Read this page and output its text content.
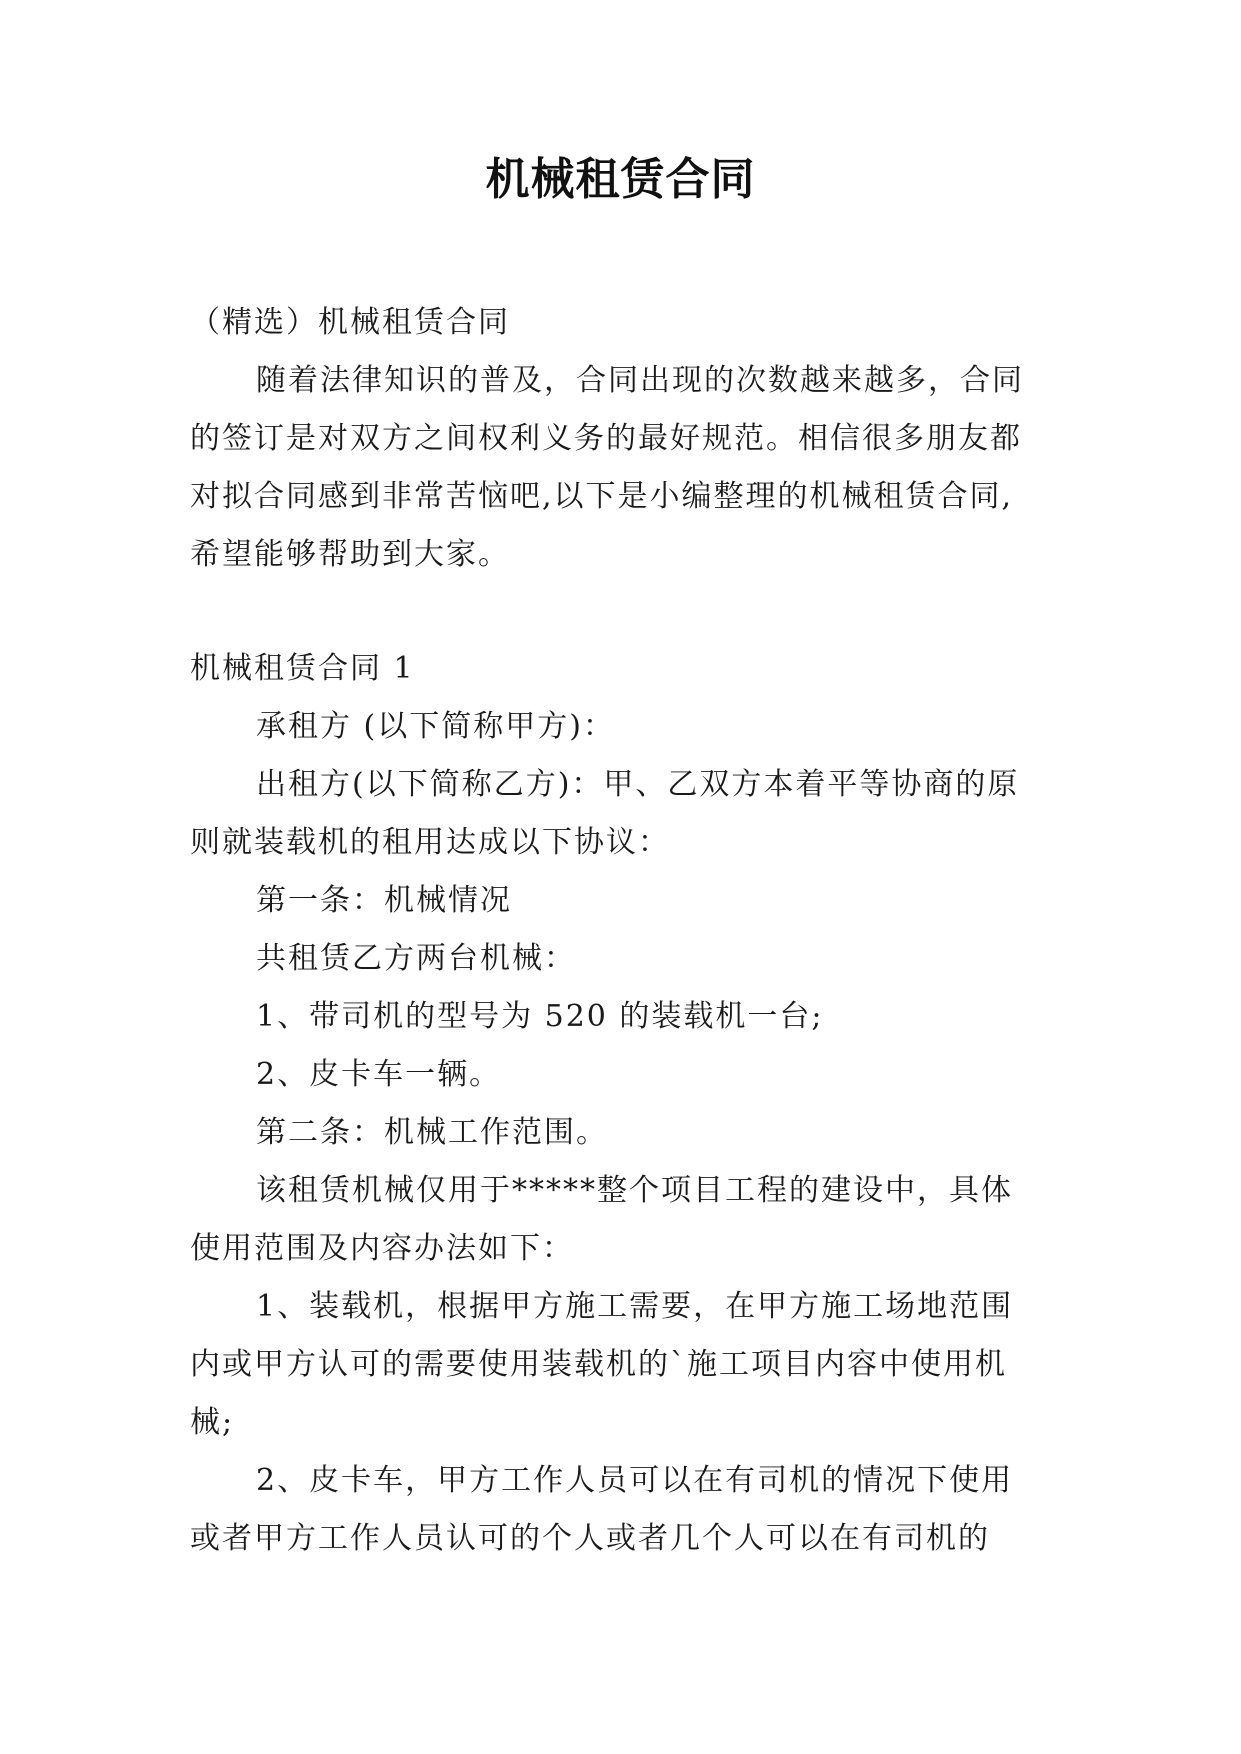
机械租赁合同
（精选）机械租赁合同
随着法律知识的普及，合同出现的次数越来越多，合同
的签订是对双方之间权利义务的最好规范。相信很多朋友都
对拟合同感到非常苦恼吧,以下是小编整理的机械租赁合同,
希望能够帮助到大家。
机械租赁合同 1
承租方 (以下简称甲方)：
出租方(以下简称乙方)：甲、乙双方本着平等协商的原
则就装载机的租用达成以下协议：
第一条：机械情况
共租赁乙方两台机械：
1、带司机的型号为 520 的装载机一台;
2、皮卡车一辆。
第二条：机械工作范围。
该租赁机械仅用于*****整个项目工程的建设中，具体
使用范围及内容办法如下：
1、装载机，根据甲方施工需要，在甲方施工场地范围
内或甲方认可的需要使用装载机的`施工项目内容中使用机
械;
2、皮卡车，甲方工作人员可以在有司机的情况下使用
或者甲方工作人员认可的个人或者几个人可以在有司机的
